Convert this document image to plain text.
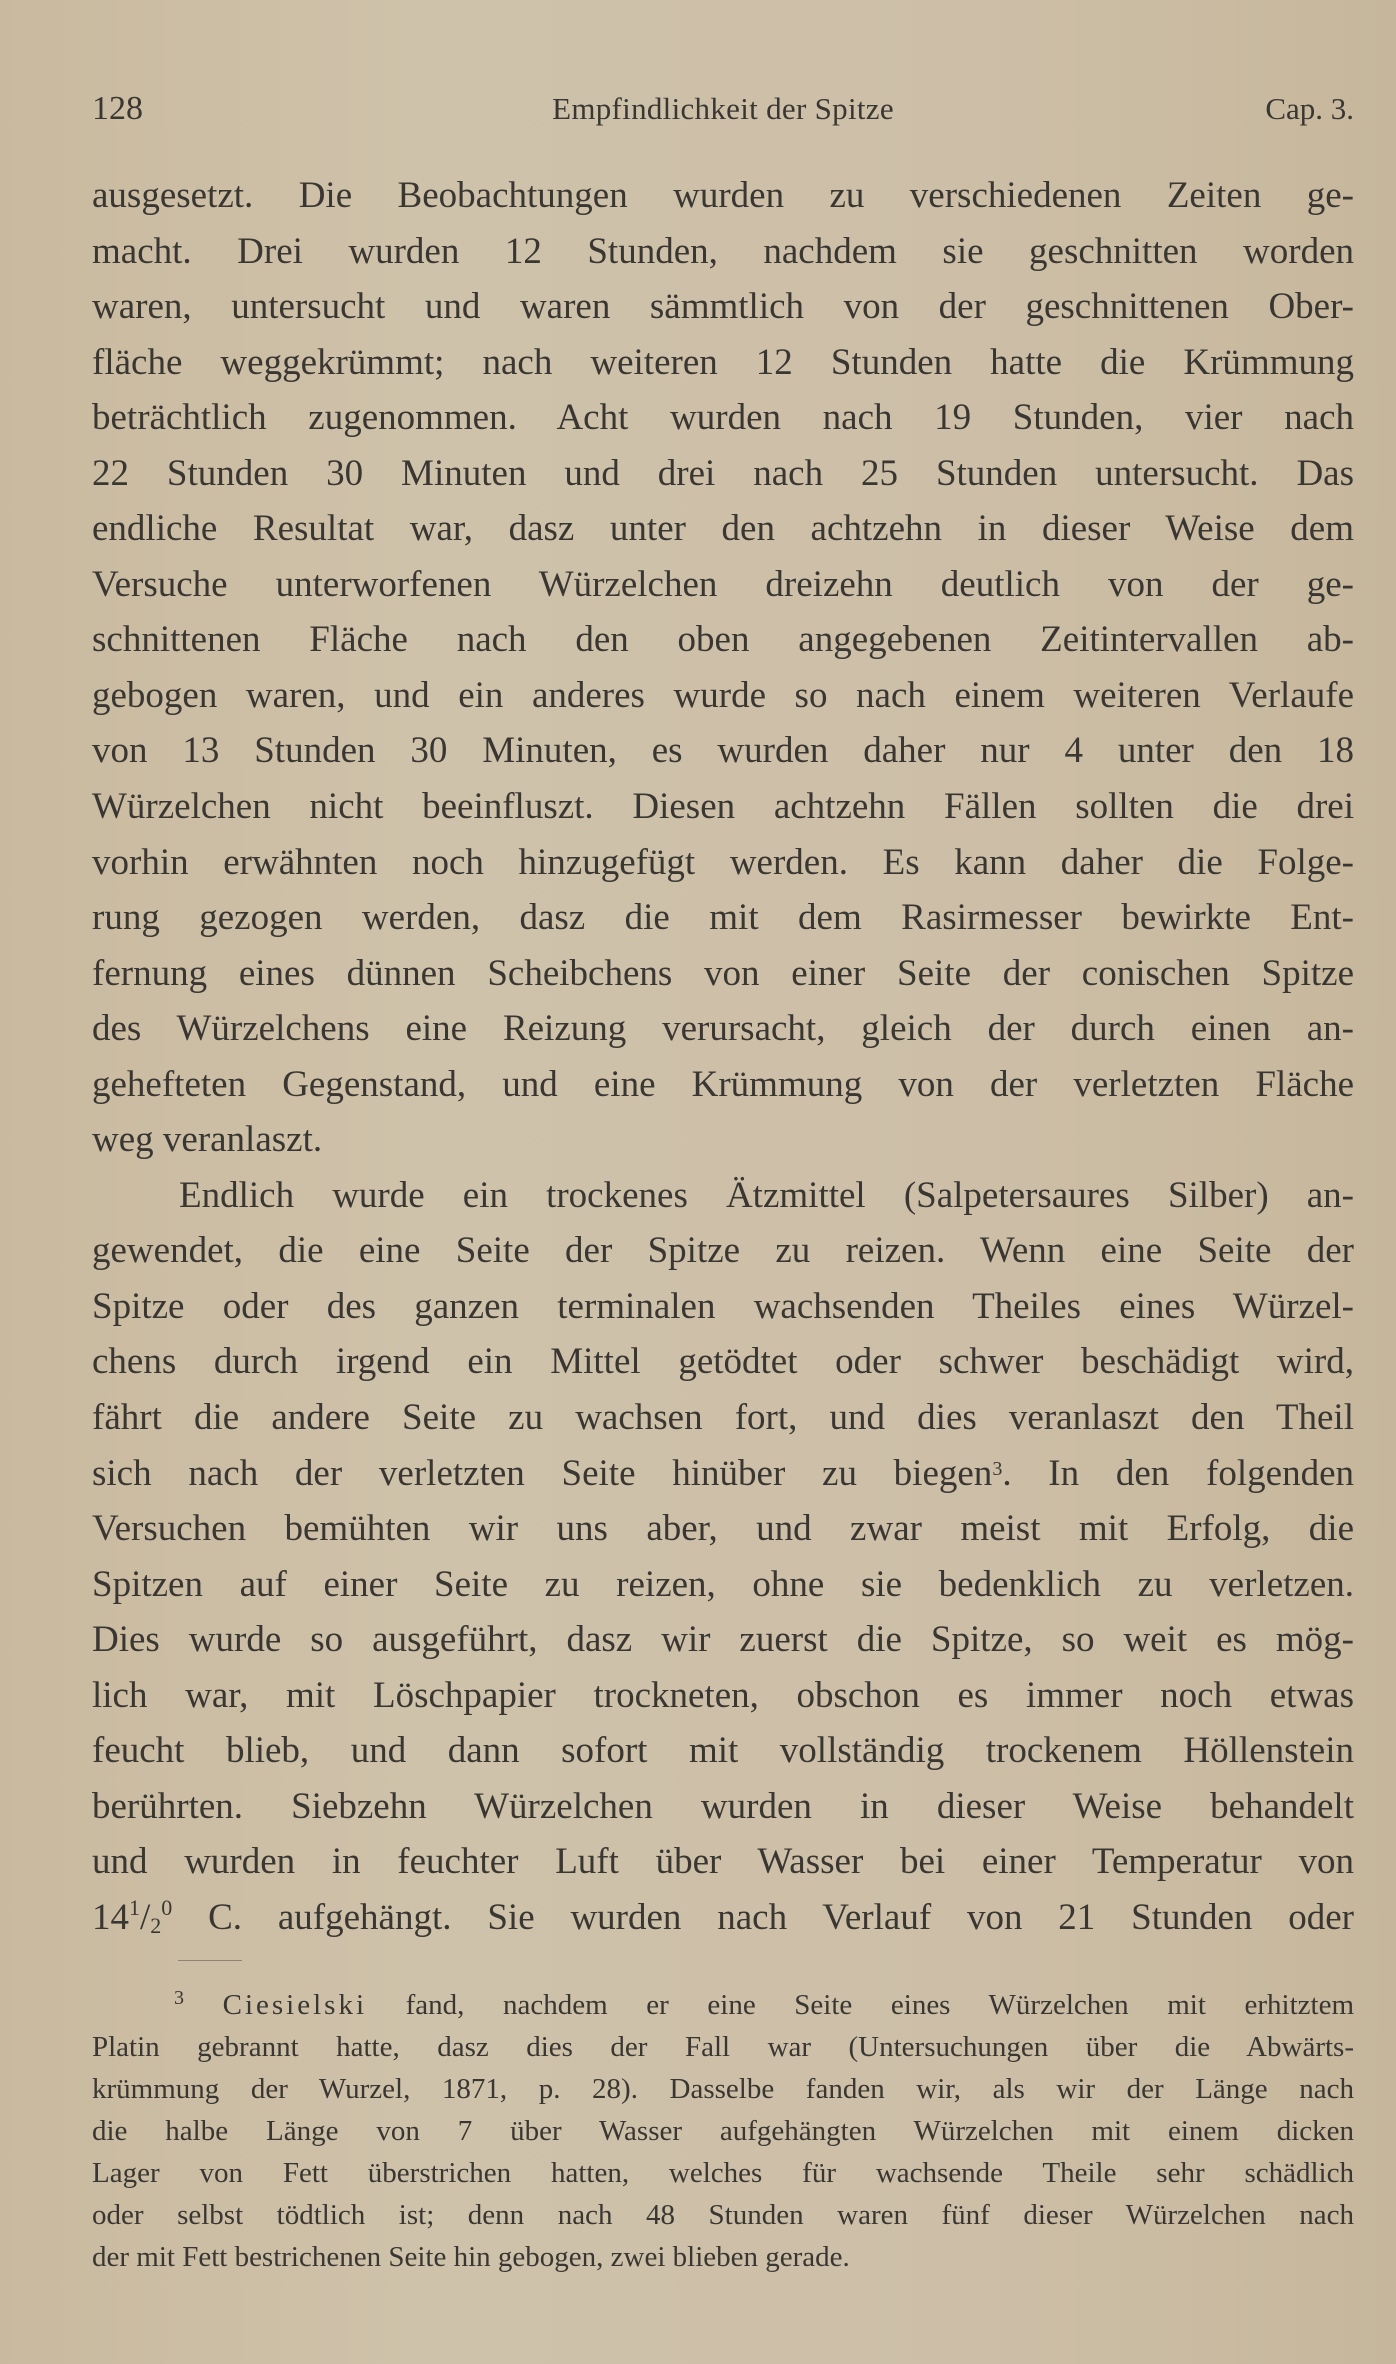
128	Empfindlichkeit der Spitze	Cap. 3.
ausgesetzt. Die Beobachtungen wurden zu verschiedenen Zeiten ge-
macht. Drei wurden 12 Stunden, nachdem sie geschnitten worden
waren, untersucht und waren sämmtlich von der geschnittenen Ober-
fläche weggekrümmt; nach weiteren 12 Stunden hatte die Krümmung
beträchtlich zugenommen. Acht wurden nach 19 Stunden, vier nach
22 Stunden 30 Minuten und drei nach 25 Stunden untersucht. Das
endliche Resultat war, dasz unter den achtzehn in dieser Weise dem
Versuche unterworfenen Würzelchen dreizehn deutlich von der ge-
schnittenen Fläche nach den oben angegebenen Zeitintervallen ab-
gebogen waren, und ein anderes wurde so nach einem weiteren Verlaufe
von 13 Stunden 30 Minuten, es wurden daher nur 4 unter den 18
Würzelchen nicht beeinfluszt. Diesen achtzehn Fällen sollten die drei
vorhin erwähnten noch hinzugefügt werden. Es kann daher die Folge-
rung gezogen werden, dasz die mit dem Rasirmesser bewirkte Ent-
fernung eines dünnen Scheibchens von einer Seite der conischen Spitze
des Würzelchens eine Reizung verursacht, gleich der durch einen an-
gehefteten Gegenstand, und eine Krümmung von der verletzten Fläche
weg veranlaszt.
Endlich wurde ein trockenes Ätzmittel (Salpetersaures Silber) an-
gewendet, die eine Seite der Spitze zu reizen. Wenn eine Seite der
Spitze oder des ganzen terminalen wachsenden Theiles eines Würzel-
chens durch irgend ein Mittel getödtet oder schwer beschädigt wird,
fährt die andere Seite zu wachsen fort, und dies veranlaszt den Theil
sich nach der verletzten Seite hinüber zu biegen$^3$. In den folgenden
Versuchen bemühten wir uns aber, und zwar meist mit Erfolg, die
Spitzen auf einer Seite zu reizen, ohne sie bedenklich zu verletzen.
Dies wurde so ausgeführt, dasz wir zuerst die Spitze, so weit es mög-
lich war, mit Löschpapier trockneten, obschon es immer noch etwas
feucht blieb, und dann sofort mit vollständig trockenem Höllenstein
berührten. Siebzehn Würzelchen wurden in dieser Weise behandelt
und wurden in feuchter Luft über Wasser bei einer Temperatur von
$14^1/_2^0$ C. aufgehängt. Sie wurden nach Verlauf von 21 Stunden oder
$^3$ Ciesielski fand, nachdem er eine Seite eines Würzelchen mit erhitztem
Platin gebrannt hatte, dasz dies der Fall war (Untersuchungen über die Abwärts-
krümmung der Wurzel, 1871, p. 28). Dasselbe fanden wir, als wir der Länge nach
die halbe Länge von 7 über Wasser aufgehängten Würzelchen mit einem dicken
Lager von Fett überstrichen hatten, welches für wachsende Theile sehr schädlich
oder selbst tödtlich ist; denn nach 48 Stunden waren fünf dieser Würzelchen nach
der mit Fett bestrichenen Seite hin gebogen, zwei blieben gerade.
